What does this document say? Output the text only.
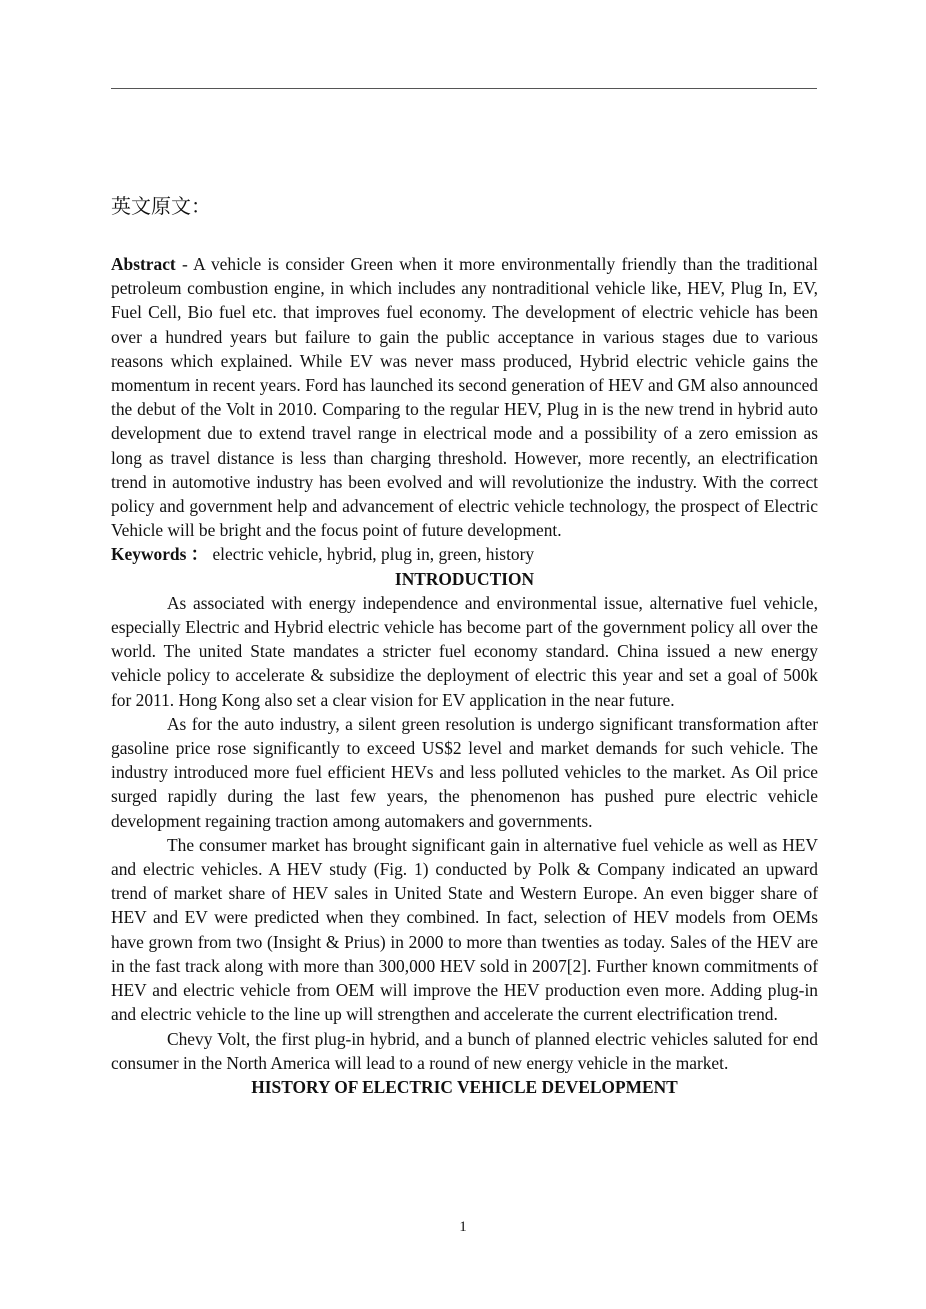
英文原文：

Abstract - A vehicle is consider Green when it more environmentally friendly than the traditional petroleum combustion engine, in which includes any nontraditional vehicle like, HEV, Plug In, EV, Fuel Cell, Bio fuel etc. that improves fuel economy. The development of electric vehicle has been over a hundred years but failure to gain the public acceptance in various stages due to various reasons which explained. While EV was never mass produced, Hybrid electric vehicle gains the momentum in recent years. Ford has launched its second generation of HEV and GM also announced the debut of the Volt in 2010. Comparing to the regular HEV, Plug in is the new trend in hybrid auto development due to extend travel range in electrical mode and a possibility of a zero emission as long as travel distance is less than charging threshold. However, more recently, an electrification trend in automotive industry has been evolved and will revolutionize the industry. With the correct policy and government help and advancement of electric vehicle technology, the prospect of Electric Vehicle will be bright and the focus point of future development.

Keywords ： electric vehicle, hybrid, plug in, green, history

INTRODUCTION

As associated with energy independence and environmental issue, alternative fuel vehicle, especially Electric and Hybrid electric vehicle has become part of the government policy all over the world. The united State mandates a stricter fuel economy standard. China issued a new energy vehicle policy to accelerate & subsidize the deployment of electric this year and set a goal of 500k for 2011. Hong Kong also set a clear vision for EV application in the near future.

As for the auto industry, a silent green resolution is undergo significant transformation after gasoline price rose significantly to exceed US$2 level and market demands for such vehicle. The industry introduced more fuel efficient HEVs and less polluted vehicles to the market. As Oil price surged rapidly during the last few years, the phenomenon has pushed pure electric vehicle development regaining traction among automakers and governments.

The consumer market has brought significant gain in alternative fuel vehicle as well as HEV and electric vehicles. A HEV study (Fig. 1) conducted by Polk & Company indicated an upward trend of market share of HEV sales in United State and Western Europe. An even bigger share of HEV and EV were predicted when they combined. In fact, selection of HEV models from OEMs have grown from two (Insight & Prius) in 2000 to more than twenties as today. Sales of the HEV are in the fast track along with more than 300,000 HEV sold in 2007[2]. Further known commitments of HEV and electric vehicle from OEM will improve the HEV production even more. Adding plug-in and electric vehicle to the line up will strengthen and accelerate the current electrification trend.

Chevy Volt, the first plug-in hybrid, and a bunch of planned electric vehicles saluted for end consumer in the North America will lead to a round of new energy vehicle in the market.

HISTORY OF ELECTRIC VEHICLE DEVELOPMENT
1
